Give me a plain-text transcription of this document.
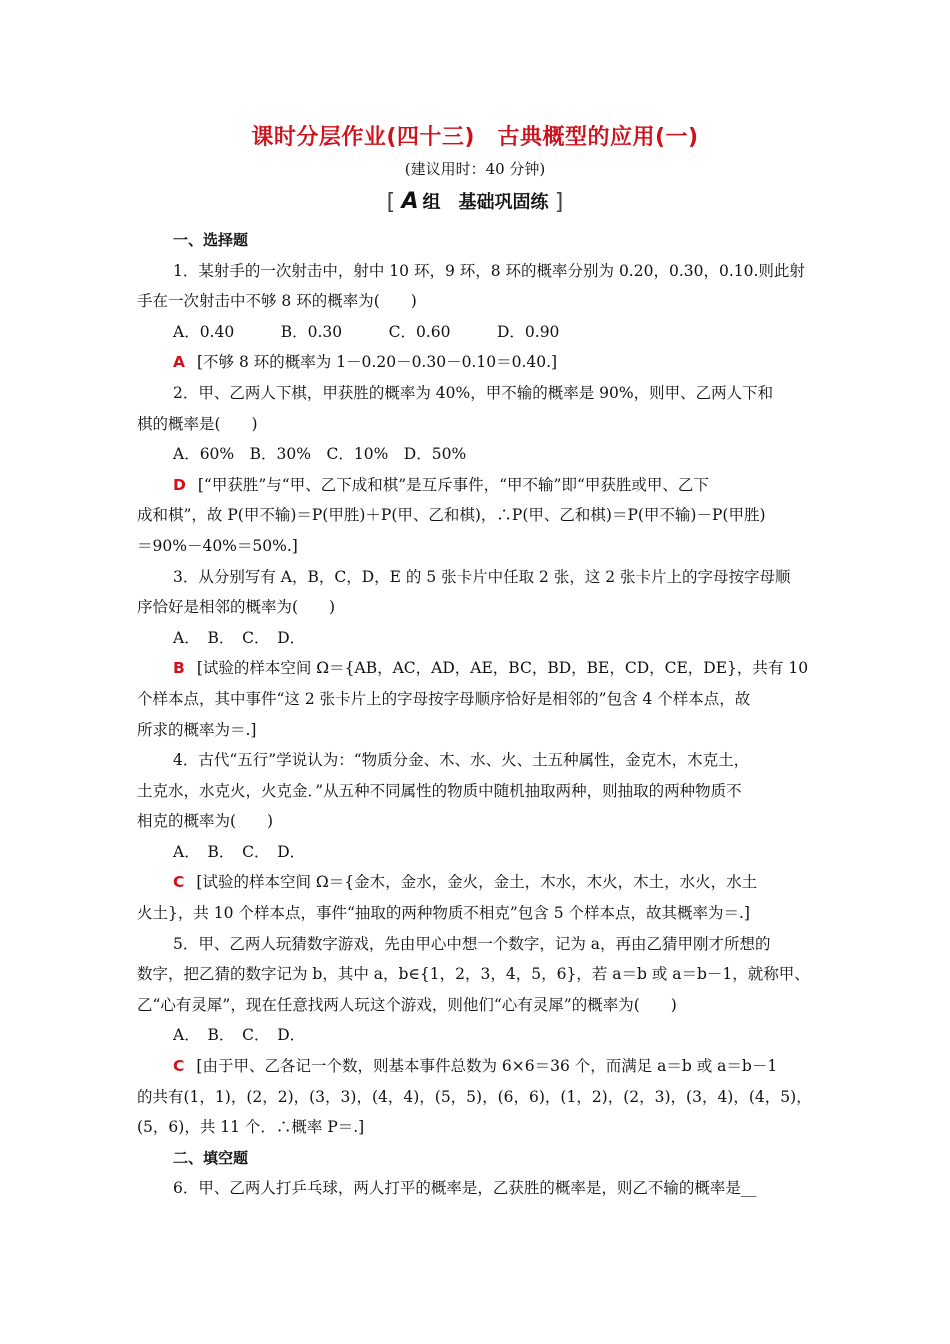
课时分层作业(四十三)　古典概型的应用(一)
(建议用时：40 分钟)
[ A 组　基础巩固练 ]
一、选择题
1．某射手的一次射击中，射中 10 环，9 环，8 环的概率分别为 0.20，0.30，0.10.则此射
手在一次射击中不够 8 环的概率为(　　)
A．0.40　　　B．0.30　　　C．0.60　　　D．0.90
A [不够 8 环的概率为 1－0.20－0.30－0.10＝0.40.]
2．甲、乙两人下棋，甲获胜的概率为 40%，甲不输的概率是 90%，则甲、乙两人下和
棋的概率是(　　)
A．60%　B．30%　C．10%　D．50%
D [“甲获胜”与“甲、乙下成和棋”是互斥事件，“甲不输”即“甲获胜或甲、乙下
成和棋”，故 P(甲不输)＝P(甲胜)＋P(甲、乙和棋)，∴P(甲、乙和棋)＝P(甲不输)－P(甲胜)
＝90%－40%＝50%.]
3．从分别写有 A，B，C，D，E 的 5 张卡片中任取 2 张，这 2 张卡片上的字母按字母顺
序恰好是相邻的概率为(　　)
A．　B．　C．　D．
B [试验的样本空间 Ω＝{AB，AC，AD，AE，BC，BD，BE，CD，CE，DE}，共有 10
个样本点，其中事件“这 2 张卡片上的字母按字母顺序恰好是相邻的”包含 4 个样本点，故
所求的概率为＝.]
4．古代“五行”学说认为：“物质分金、木、水、火、土五种属性，金克木，木克土，
土克水，水克火，火克金．”从五种不同属性的物质中随机抽取两种，则抽取的两种物质不
相克的概率为(　　)
A．　B．　C．　D．
C [试验的样本空间 Ω＝{金木，金水，金火，金土，木水，木火，木土，水火，水土
火土}，共 10 个样本点，事件“抽取的两种物质不相克”包含 5 个样本点，故其概率为＝.]
5．甲、乙两人玩猜数字游戏，先由甲心中想一个数字，记为 a，再由乙猜甲刚才所想的
数字，把乙猜的数字记为 b，其中 a，b∈{1，2，3，4，5，6}，若 a＝b 或 a＝b－1，就称甲、
乙“心有灵犀”，现在任意找两人玩这个游戏，则他们“心有灵犀”的概率为(　　)
A．　B．　C．　D．
C [由于甲、乙各记一个数，则基本事件总数为 6×6＝36 个，而满足 a＝b 或 a＝b－1
的共有(1，1)，(2，2)，(3，3)，(4，4)，(5，5)，(6，6)，(1，2)，(2，3)，(3，4)，(4，5)，
(5，6)，共 11 个．∴概率 P＝.]
二、填空题
6．甲、乙两人打乒乓球，两人打平的概率是，乙获胜的概率是，则乙不输的概率是__
